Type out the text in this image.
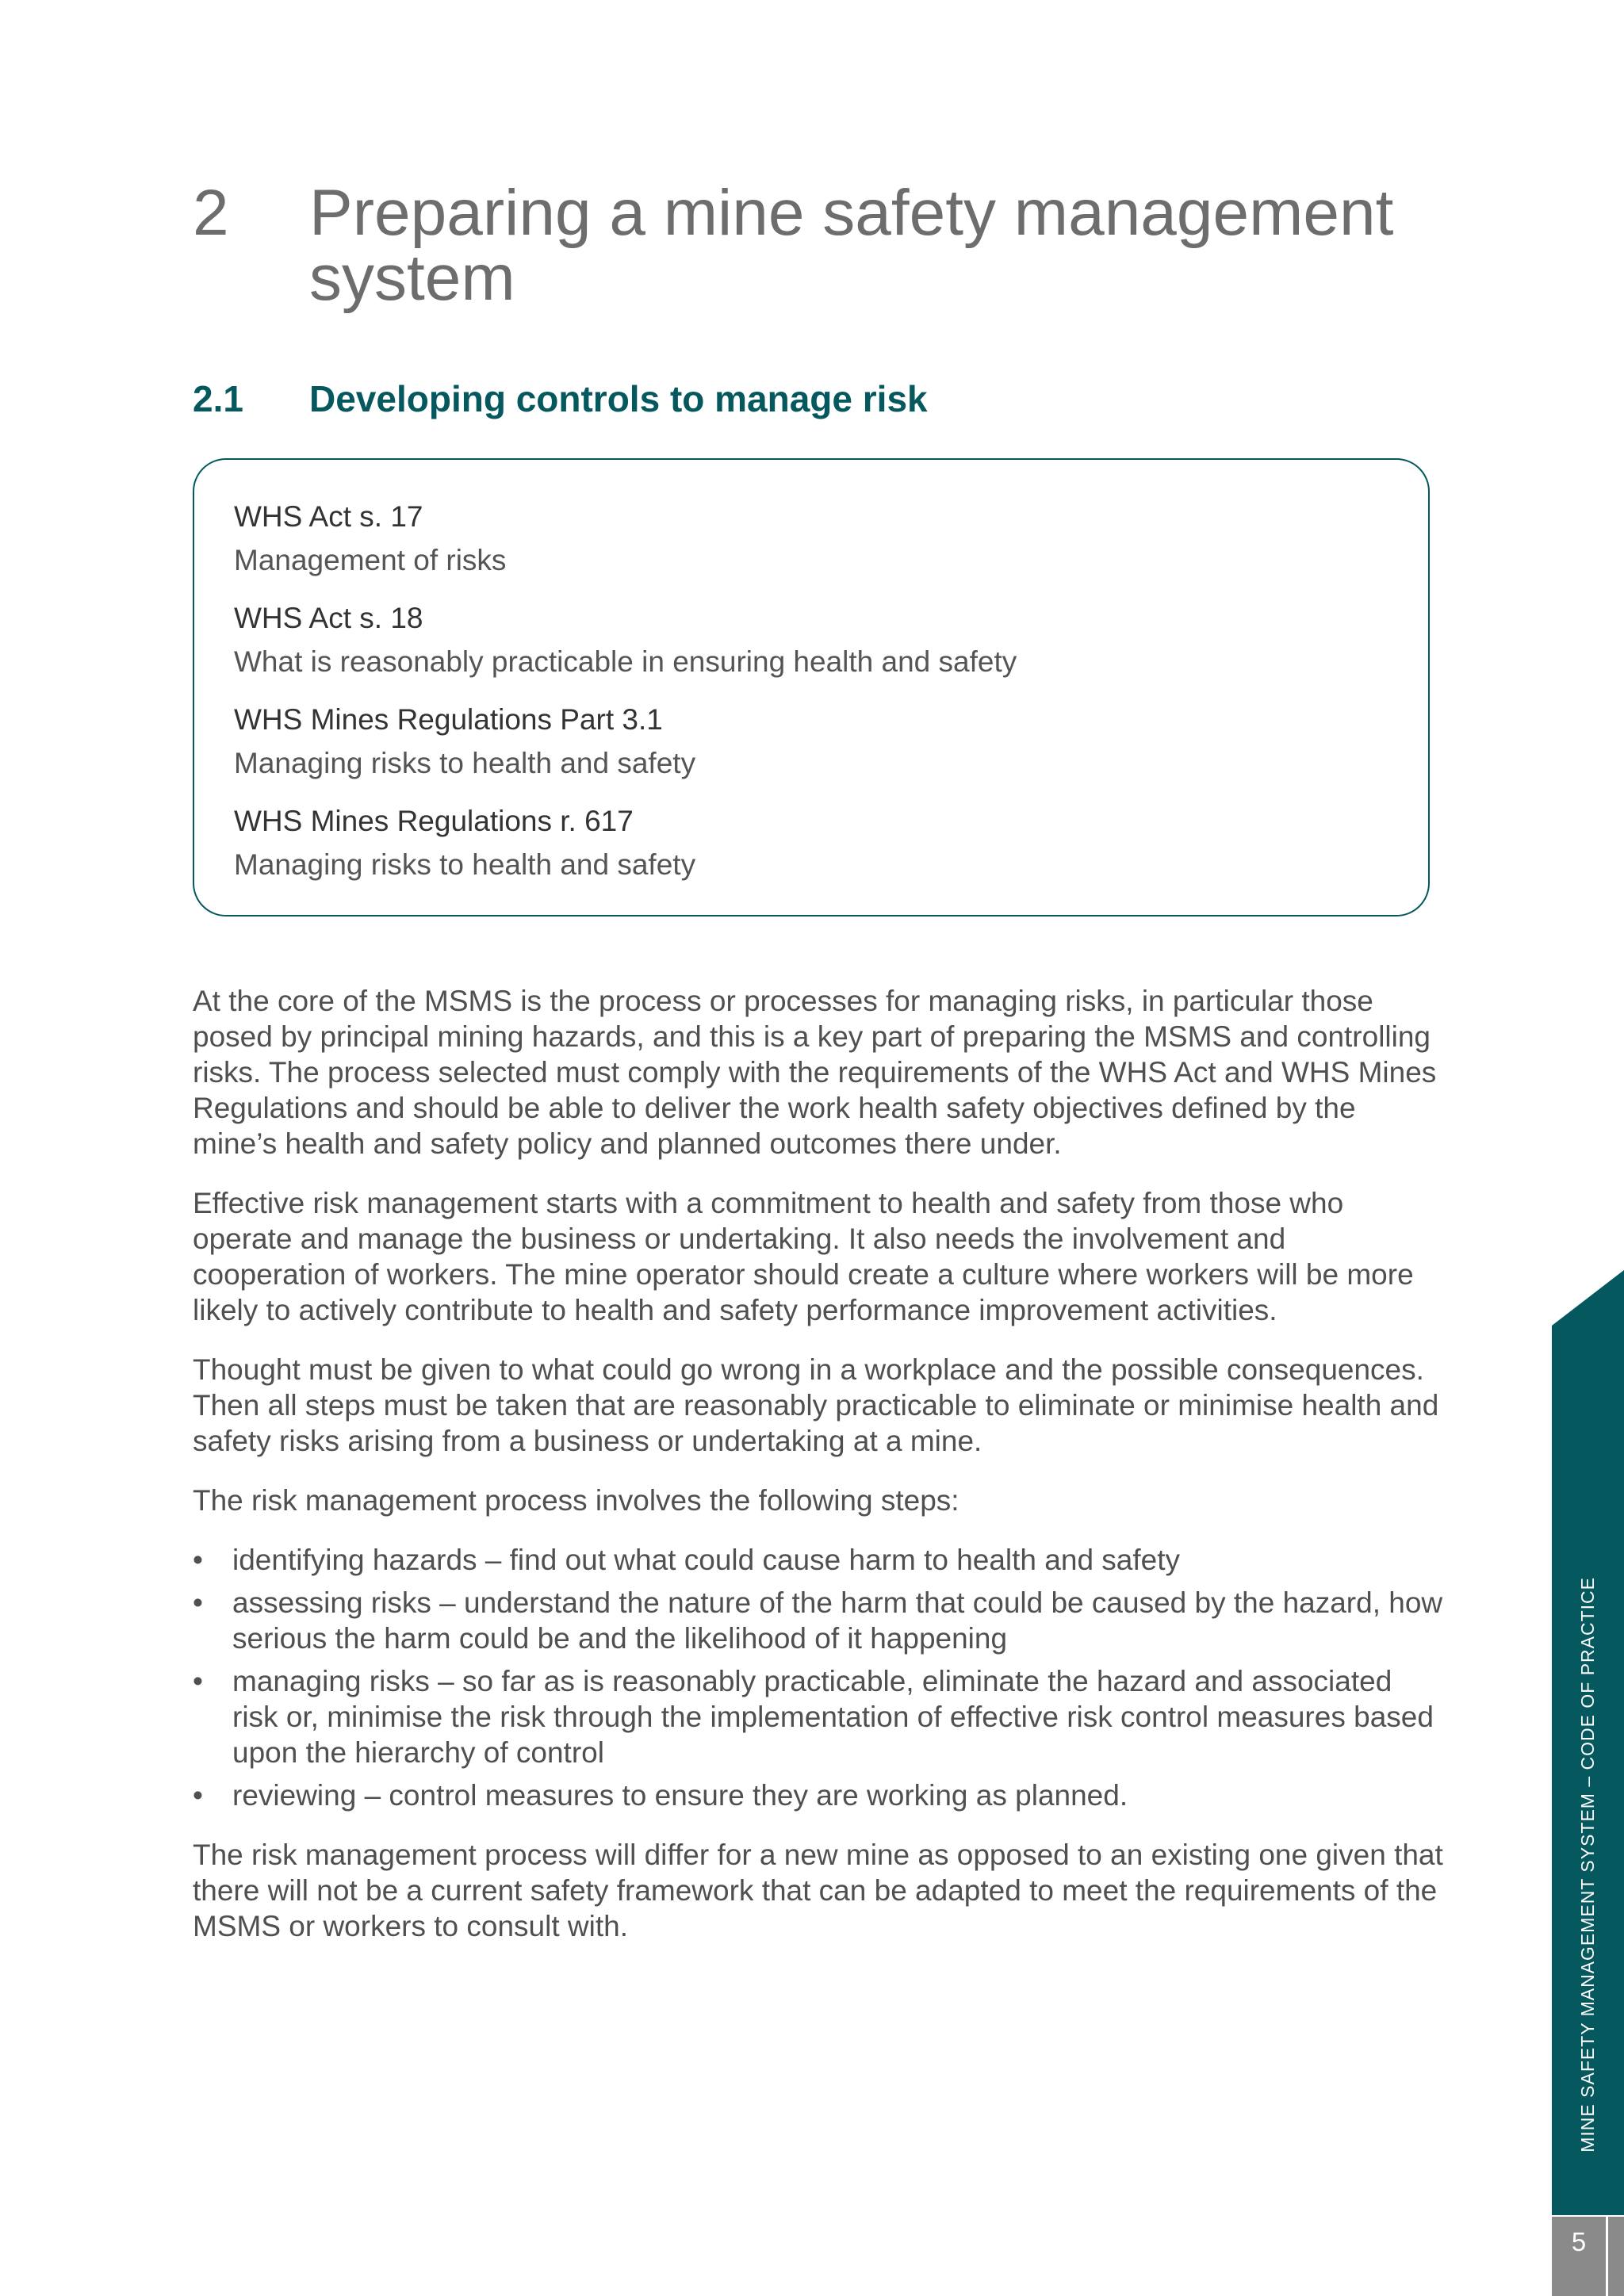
2	Preparing a mine safety management system
2.1	Developing controls to manage risk
WHS Act s. 17
Management of risks
WHS Act s. 18
What is reasonably practicable in ensuring health and safety
WHS Mines Regulations Part 3.1
Managing risks to health and safety
WHS Mines Regulations r. 617
Managing risks to health and safety

At the core of the MSMS is the process or processes for managing risks, in particular those posed by principal mining hazards, and this is a key part of preparing the MSMS and controlling risks. The process selected must comply with the requirements of the WHS Act and WHS Mines Regulations and should be able to deliver the work health safety objectives defined by the mine’s health and safety policy and planned outcomes there under.

Effective risk management starts with a commitment to health and safety from those who operate and manage the business or undertaking. It also needs the involvement and cooperation of workers. The mine operator should create a culture where workers will be more likely to actively contribute to health and safety performance improvement activities.

Thought must be given to what could go wrong in a workplace and the possible consequences. Then all steps must be taken that are reasonably practicable to eliminate or minimise health and safety risks arising from a business or undertaking at a mine.

The risk management process involves the following steps:

• identifying hazards – find out what could cause harm to health and safety
• assessing risks – understand the nature of the harm that could be caused by the hazard, how serious the harm could be and the likelihood of it happening
• managing risks – so far as is reasonably practicable, eliminate the hazard and associated risk or, minimise the risk through the implementation of effective risk control measures based upon the hierarchy of control
• reviewing – control measures to ensure they are working as planned.

The risk management process will differ for a new mine as opposed to an existing one given that there will not be a current safety framework that can be adapted to meet the requirements of the MSMS or workers to consult with.	MINE SAFETY MANAGEMENT SYSTEM – CODE OF PRACTICE
5
